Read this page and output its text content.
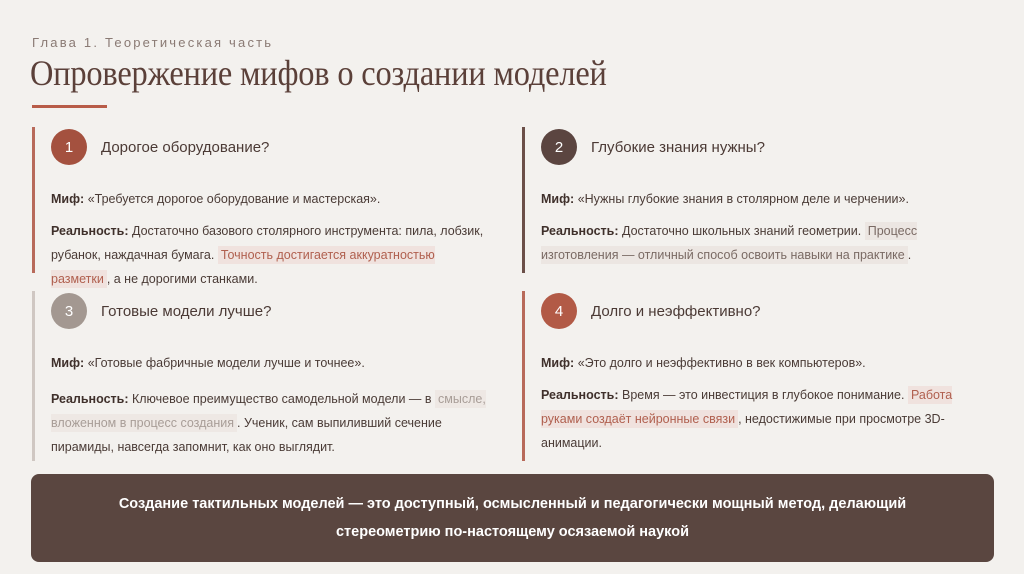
Глава 1. Теоретическая часть
Опровержение мифов о создании моделей
1	Дорогое оборудование?

Миф: «Требуется дорогое оборудование и мастерская».

Реальность: Достаточно базового столярного инструмента: пила, лобзик, рубанок, наждачная бумага. Точность достигается аккуратностью разметки , а не дорогими станками.

2	Глубокие знания нужны?

Миф: «Нужны глубокие знания в столярном деле и черчении».

Реальность: Достаточно школьных знаний геометрии. Процесс изготовления — отличный способ освоить навыки на практике .

3	Готовые модели лучше?

Миф: «Готовые фабричные модели лучше и точнее».

Реальность: Ключевое преимущество самодельной модели — в смысле, вложенном в процесс создания . Ученик, сам выпиливший сечение пирамиды, навсегда запомнит, как оно выглядит.

4	Долго и неэффективно?

Миф: «Это долго и неэффективно в век компьютеров».

Реальность: Время — это инвестиция в глубокое понимание. Работа руками создаёт нейронные связи , недостижимые при просмотре 3D-анимации.

Создание тактильных моделей — это доступный, осмысленный и педагогически мощный метод, делающий стереометрию по-настоящему осязаемой наукой
